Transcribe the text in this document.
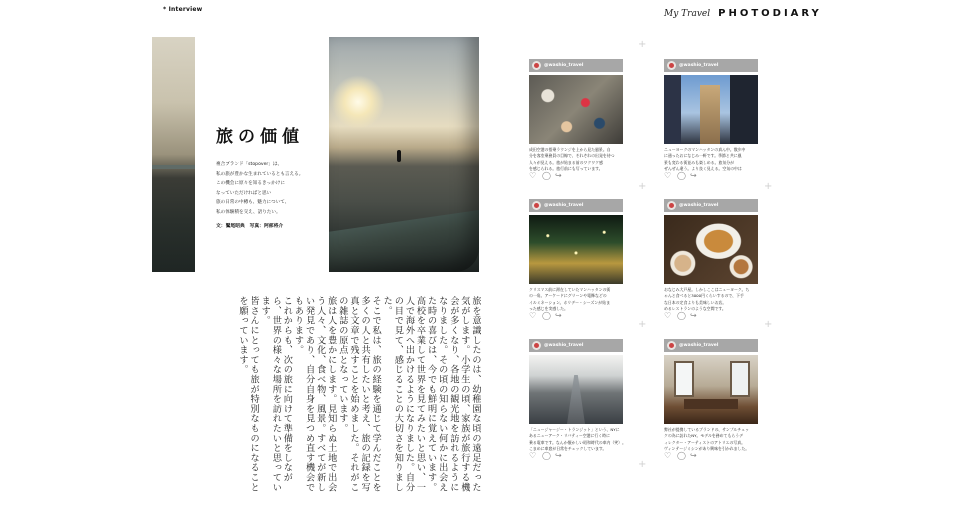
* Interview	My Travel PHOTODIARY
旅の価値

複合ブランド「stopover」は、

私の旅が豊かな生まれているとも言える。

この機会に原々を知るきっかけに

なっていただければと思い

旅の日常の中樽も、魅力について、

私の体験積を交え、語りたい。

文：鷲尾昭典　写真：阿部将介

旅を意識したのは、幼稚園な頃の遠足だった気がします。小学生の頃、家族が旅行する機会が多くなり、各地の観光地を訪れるようになりました。その頃の知らない何かに出会えた時の喜びは、今でも鮮明に覚えています。

高校を卒業して世界を見てみたいと思い、一人で海外へ出かけるようになりました。自分の目で見て、感じることの大切さを知りました。

そこで私は、旅の経験を通じて学んだことを多くの人と共有したいと考え、旅の記録を写真と文章で残すことを始めました。それがこの雑誌の原点となっています。

旅は人を豊かにします。見知らぬ土地で出会う人々、文化、食べ物、風景。すべてが新しい発見であり、自分自身を見つめ直す機会でもあります。

これからも、次の旅に向けて準備をしながら、世界の様々な場所を訪れたいと思っています。

皆さんにとっても旅が特別なものになることを願っています。

+
+
+
+
+
+
@washio_travel

成田空港の搭乗ラウンジを上から見た風景。自

分を客室乗務員の目線で、それぞれの出発を待つ

人々が見える。旅が始まる前のワクワク感

を感じられる。旅行前にも写っています。

♡ ◯ ↪
@washio_travel

ニューヨークのマンハッタンの真ん中。散歩中

に通ったおになじみ一軒です。季節と共に風

景も変わる街並みも楽しめる。旅気分が

ぜんぜん違う。より良く見える。空気の中は

♡ ◯ ↪
@washio_travel

クリスマス前に滞在していたマンハッタンの街

の一角。アーケードにグリーンや電飾などの

イルミネーション。ホリデー・シーズンが始ま

った感じを実感した。

♡ ◯ ↪
@washio_travel

おなじみ大戸屋。しかしここはニューヨーク。ち

ゃんと食べると3000円くらいするので、下手

な日本の定食よりも美味しいお店。

めるレストランのような空間です。

♡ ◯ ↪
@washio_travel

「ニュージャージー・トランジット」という、NYに

あるニューアーク・リバティー空港に行く時に

乗る電車です。なんか懐かしい昭和時代の車内（笑）。

こまめに車窓が日常をチェックしています。

♡ ◯ ↪
@washio_travel

弊社が提携しているブランドの、サンプルチェッ

クの為に訪れたNY。モデルを務めてもらうデ

ィレクター・アーティストのアトリエの写真。

ヴィンテージミシンがあり興味を引かれました。

♡ ◯ ↪
